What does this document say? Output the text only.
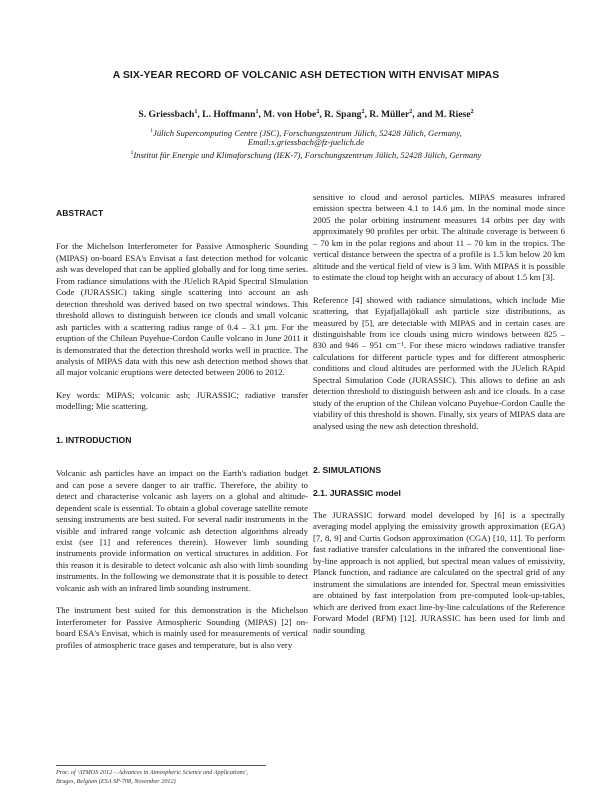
A SIX-YEAR RECORD OF VOLCANIC ASH DETECTION WITH ENVISAT MIPAS
S. Griessbach$^1$, L. Hoffmann$^1$, M. von Hobe$^2$, R. Spang$^2$, R. Müller$^2$, and M. Riese$^2$
$^1$Jülich Supercomputing Centre (JSC), Forschungszentrum Jülich, 52428 Jülich, Germany,
Email:s.griessbach@fz-juelich.de
$^2$Institut für Energie und Klimaforschung (IEK-7), Forschungszentrum Jülich, 52428 Jülich, Germany

ABSTRACT

For the Michelson Interferometer for Passive Atmospheric Sounding (MIPAS) on-board ESA's Envisat a fast detection method for volcanic ash was developed that can be applied globally and for long time series. From radiance simulations with the JUelich RApid Spectral SImulation Code (JURASSIC) taking single scattering into account an ash detection threshold was derived based on two spectral windows. This threshold allows to distinguish between ice clouds and small volcanic ash particles with a scattering radius range of 0.4 – 3.1 μm. For the eruption of the Chilean Puyehue-Cordon Caulle volcano in June 2011 it is demonstrated that the detection threshold works well in practice. The analysis of MIPAS data with this new ash detection method shows that all major volcanic eruptions were detected between 2006 to 2012.

Key words: MIPAS; volcanic ash; JURASSIC; radiative transfer modelling; Mie scattering.

1. INTRODUCTION

Volcanic ash particles have an impact on the Earth's radiation budget and can pose a severe danger to air traffic. Therefore, the ability to detect and characterise volcanic ash layers on a global and altitude-dependent scale is essential. To obtain a global coverage satellite remote sensing instruments are best suited. For several nadir instruments in the visible and infrared range volcanic ash detection algorithms already exist (see [1] and references therein). However limb sounding instruments provide information on vertical structures in addition. For this reason it is desirable to detect volcanic ash also with limb sounding instruments. In the following we demonstrate that it is possible to detect volcanic ash with an infrared limb sounding instrument.

The instrument best suited for this demonstration is the Michelson Interferometer for Passive Atmospheric Sounding (MIPAS) [2] on-board ESA's Envisat, which is mainly used for measurements of vertical profiles of atmospheric trace gases and temperature, but is also very

sensitive to cloud and aerosol particles. MIPAS measures infrared emission spectra between 4.1 to 14.6 μm. In the nominal mode since 2005 the polar orbiting instrument measures 14 orbits per day with approximately 90 profiles per orbit. The altitude coverage is between 6 – 70 km in the polar regions and about 11 – 70 km in the tropics. The vertical distance between the spectra of a profile is 1.5 km below 20 km altitude and the vertical field of view is 3 km. With MIPAS it is possible to estimate the cloud top height with an accuracy of about 1.5 km [3].

Reference [4] showed with radiance simulations, which include Mie scattering, that Eyjafjallajökull ash particle size distributions, as measured by [5], are detectable with MIPAS and in certain cases are distinguishable from ice clouds using micro windows between 825 – 830 and 946 – 951 cm⁻¹. For these micro windows radiative transfer calculations for different particle types and for different atmospheric conditions and cloud altitudes are performed with the JUelich RApid Spectral Simulation Code (JURASSIC). This allows to define an ash detection threshold to distinguish between ash and ice clouds. In a case study of the eruption of the Chilean volcano Puyehue-Cordon Caulle the viability of this threshold is shown. Finally, six years of MIPAS data are analysed using the new ash detection threshold.

2. SIMULATIONS

2.1. JURASSIC model

The JURASSIC forward model developed by [6] is a spectrally averaging model applying the emissivity growth approximation (EGA) [7, 8, 9] and Curtis Godson approximation (CGA) [10, 11]. To perform fast radiative transfer calculations in the infrared the conventional line-by-line approach is not applied, but spectral mean values of emissivity, Planck function, and radiance are calculated on the spectral grid of any instrument the simulations are intended for. Spectral mean emissivities are obtained by fast interpolation from pre-computed look-up-tables, which are derived from exact line-by-line calculations of the Reference Forward Model (RFM) [12]. JURASSIC has been used for limb and nadir sounding

Proc. of 'ATMOS 2012 – Advances in Atmospheric Science and Applications',
Bruges, Belgium (ESA SP-708, November 2012)
